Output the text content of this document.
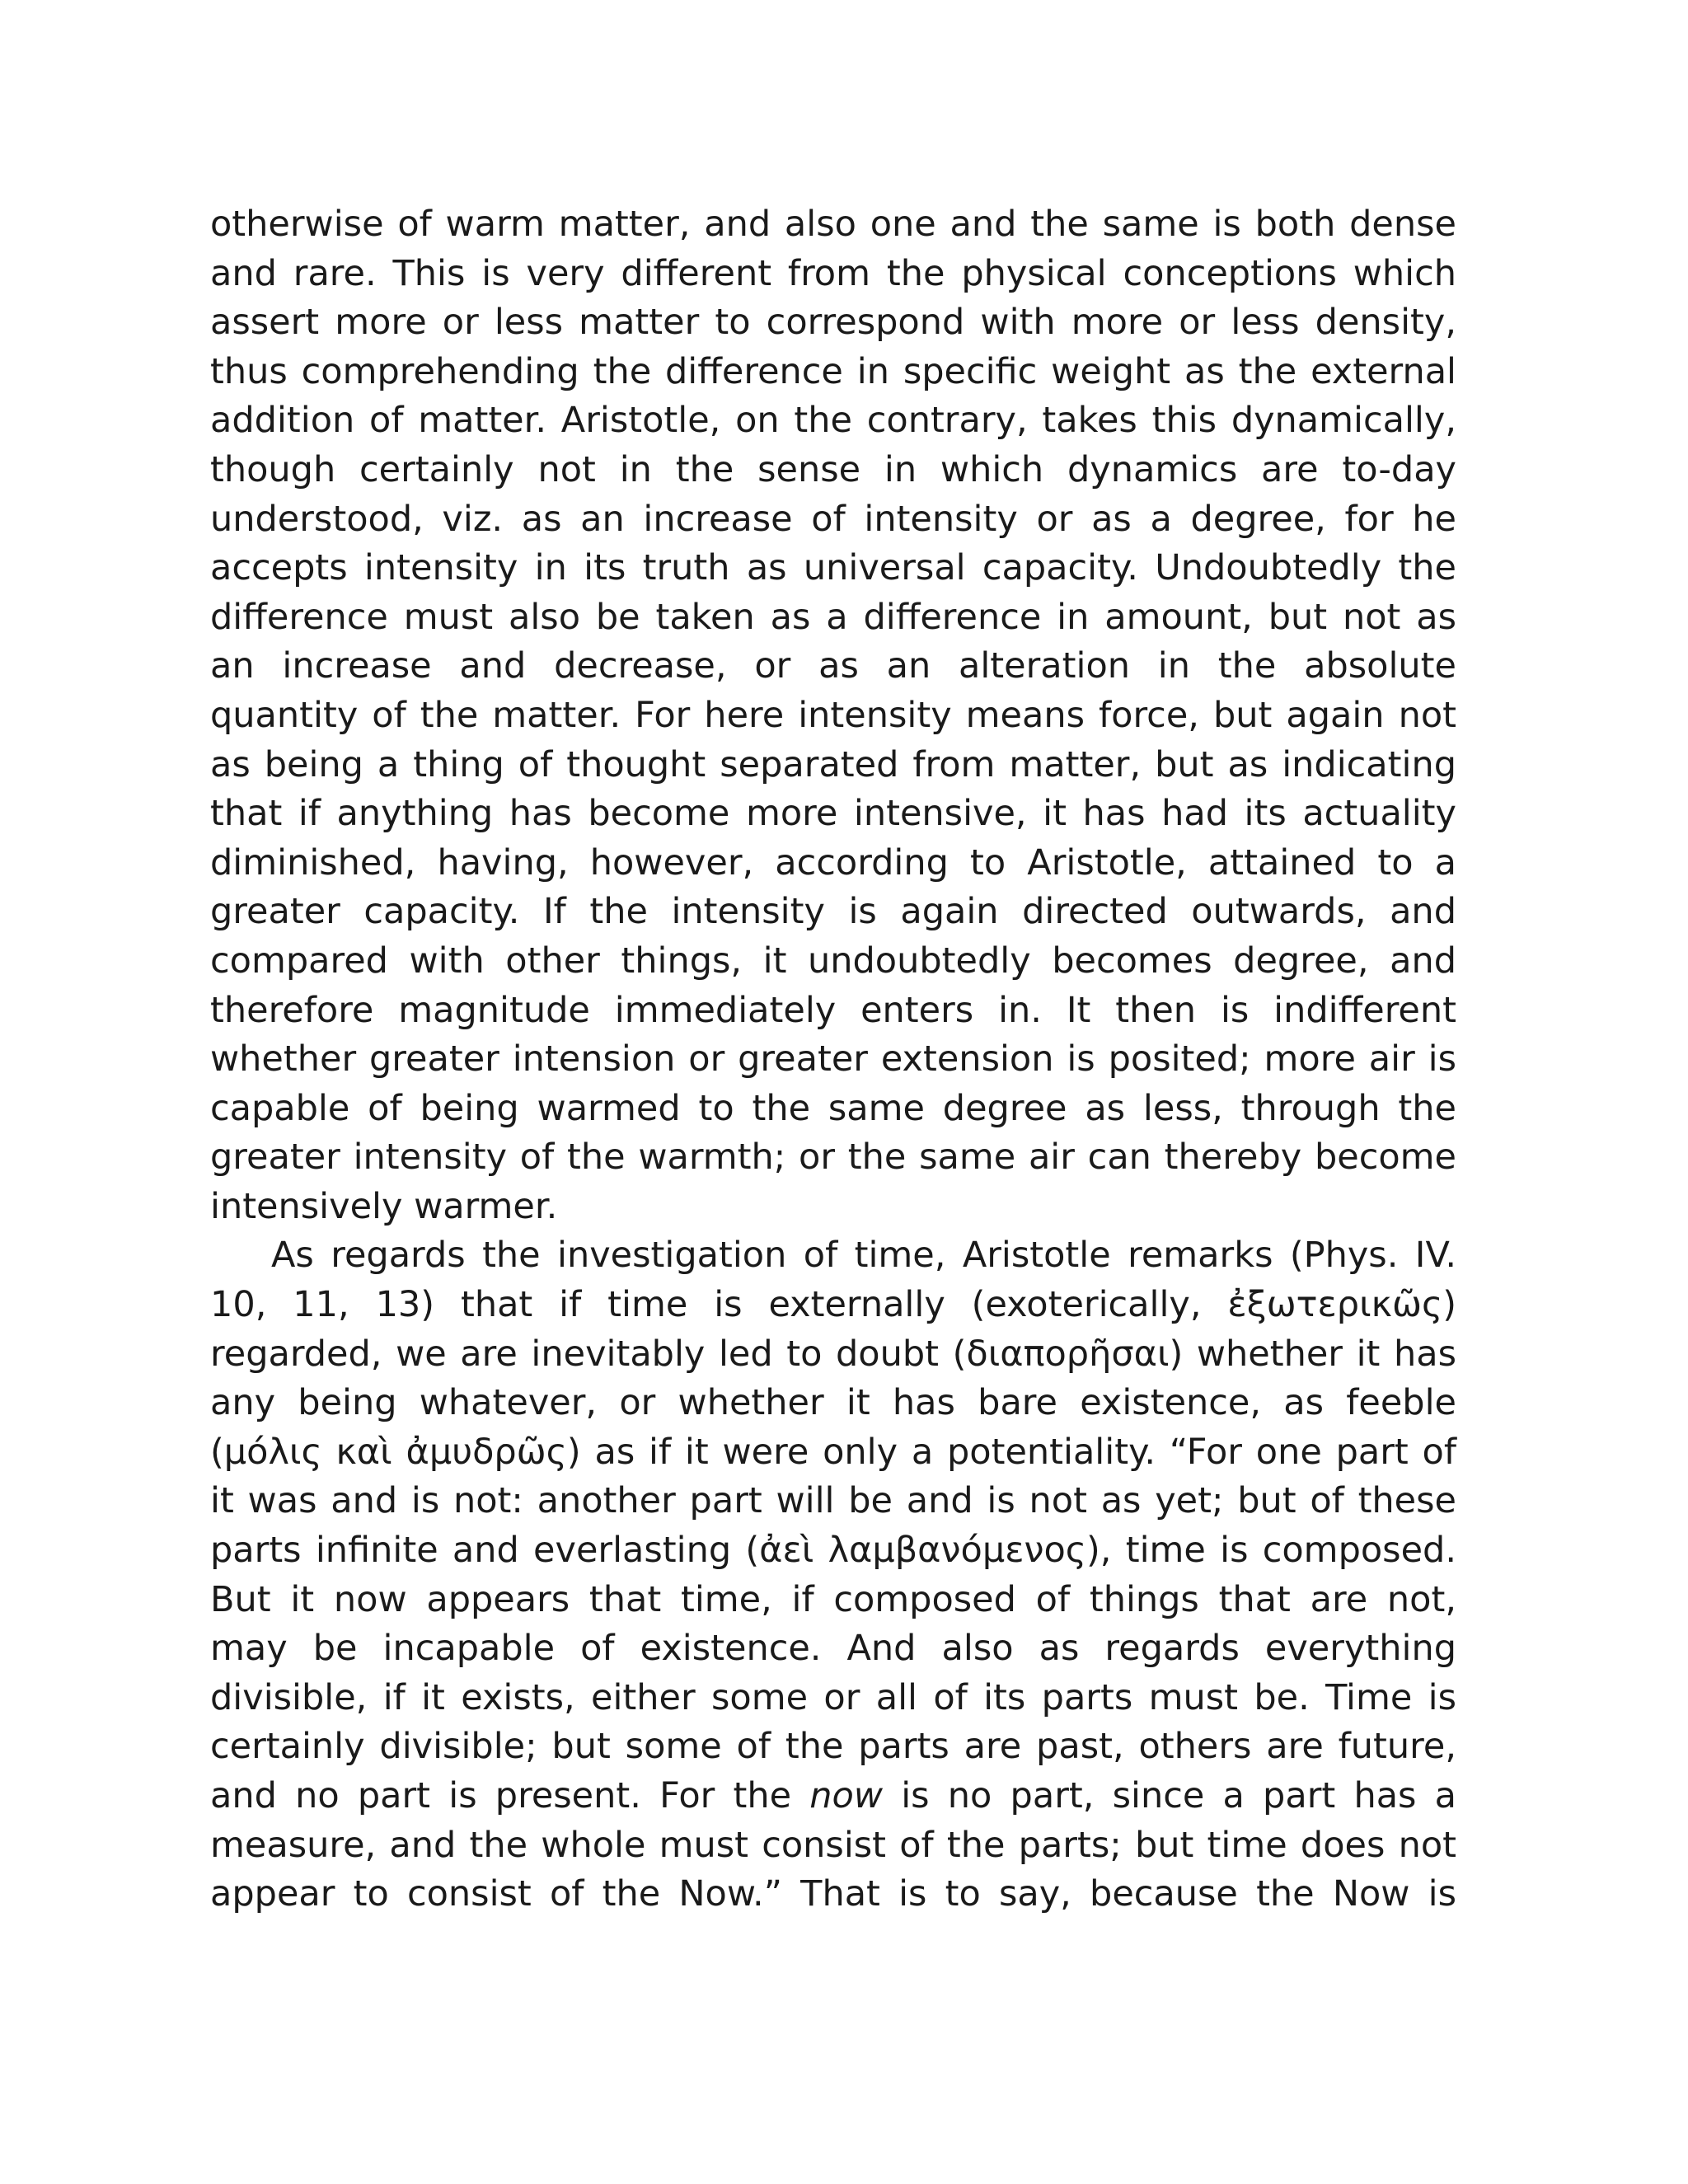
otherwise of warm matter, and also one and the same is both dense
and rare. This is very different from the physical conceptions which
assert more or less matter to correspond with more or less density,
thus comprehending the difference in specific weight as the external
addition of matter. Aristotle, on the contrary, takes this dynamically,
though certainly not in the sense in which dynamics are to-day
understood, viz. as an increase of intensity or as a degree, for he
accepts intensity in its truth as universal capacity. Undoubtedly the
difference must also be taken as a difference in amount, but not as
an increase and decrease, or as an alteration in the absolute
quantity of the matter. For here intensity means force, but again not
as being a thing of thought separated from matter, but as indicating
that if anything has become more intensive, it has had its actuality
diminished, having, however, according to Aristotle, attained to a
greater capacity. If the intensity is again directed outwards, and
compared with other things, it undoubtedly becomes degree, and
therefore magnitude immediately enters in. It then is indifferent
whether greater intension or greater extension is posited; more air is
capable of being warmed to the same degree as less, through the
greater intensity of the warmth; or the same air can thereby become
intensively warmer.
As regards the investigation of time, Aristotle remarks (Phys. IV.
10, 11, 13) that if time is externally (exoterically, ἐξωτερικῶς)
regarded, we are inevitably led to doubt (διαπορῆσαι) whether it has
any being whatever, or whether it has bare existence, as feeble
(μόλις καὶ ἀμυδρῶς) as if it were only a potentiality. “For one part of
it was and is not: another part will be and is not as yet; but of these
parts infinite and everlasting (ἀεὶ λαμβανόμενος), time is composed.
But it now appears that time, if composed of things that are not,
may be incapable of existence. And also as regards everything
divisible, if it exists, either some or all of its parts must be. Time is
certainly divisible; but some of the parts are past, others are future,
and no part is present. For the now is no part, since a part has a
measure, and the whole must consist of the parts; but time does not
appear to consist of the Now.” That is to say, because the Now is
